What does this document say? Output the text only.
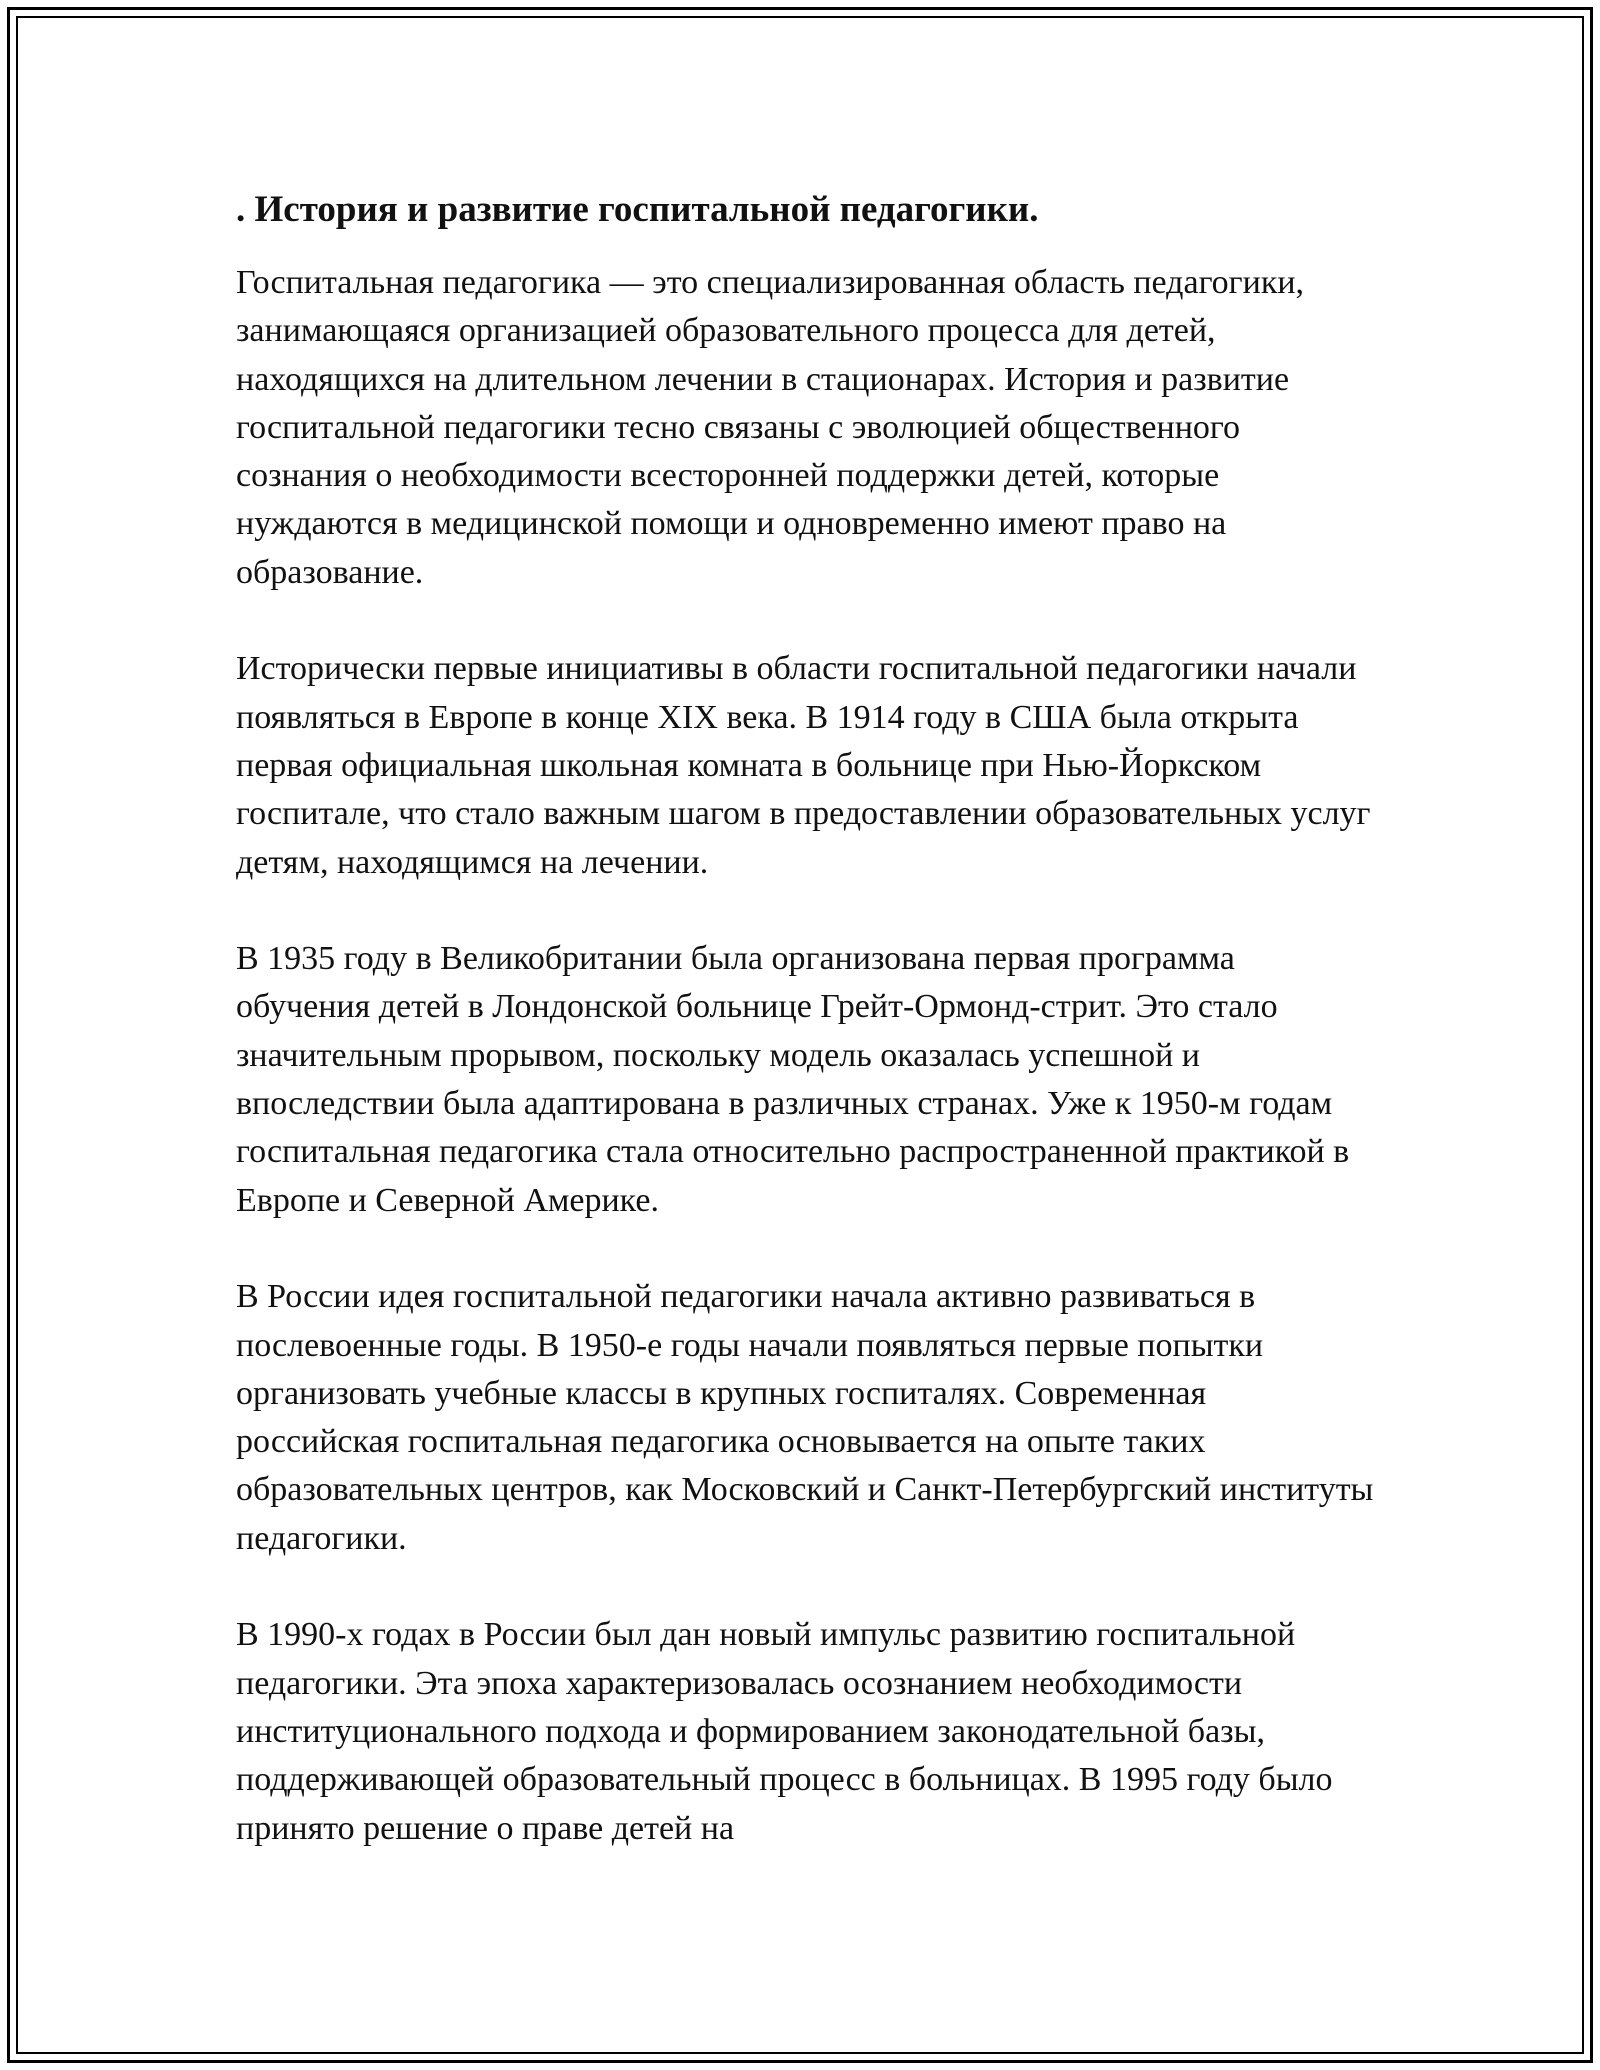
. История и развитие госпитальной педагогики.

Госпитальная педагогика — это специализированная область педагогики, занимающаяся организацией образовательного процесса для детей, находящихся на длительном лечении в стационарах. История и развитие госпитальной педагогики тесно связаны с эволюцией общественного сознания о необходимости всесторонней поддержки детей, которые нуждаются в медицинской помощи и одновременно имеют право на образование.

Исторически первые инициативы в области госпитальной педагогики начали появляться в Европе в конце XIX века. В 1914 году в США была открыта первая официальная школьная комната в больнице при Нью-Йоркском госпитале, что стало важным шагом в предоставлении образовательных услуг детям, находящимся на лечении.

В 1935 году в Великобритании была организована первая программа обучения детей в Лондонской больнице Грейт-Ормонд-стрит. Это стало значительным прорывом, поскольку модель оказалась успешной и впоследствии была адаптирована в различных странах. Уже к 1950-м годам госпитальная педагогика стала относительно распространенной практикой в Европе и Северной Америке.

В России идея госпитальной педагогики начала активно развиваться в послевоенные годы. В 1950-е годы начали появляться первые попытки организовать учебные классы в крупных госпиталях. Современная российская госпитальная педагогика основывается на опыте таких образовательных центров, как Московский и Санкт-Петербургский институты педагогики.

В 1990-х годах в России был дан новый импульс развитию госпитальной педагогики. Эта эпоха характеризовалась осознанием необходимости институционального подхода и формированием законодательной базы, поддерживающей образовательный процесс в больницах. В 1995 году было принято решение о праве детей на
